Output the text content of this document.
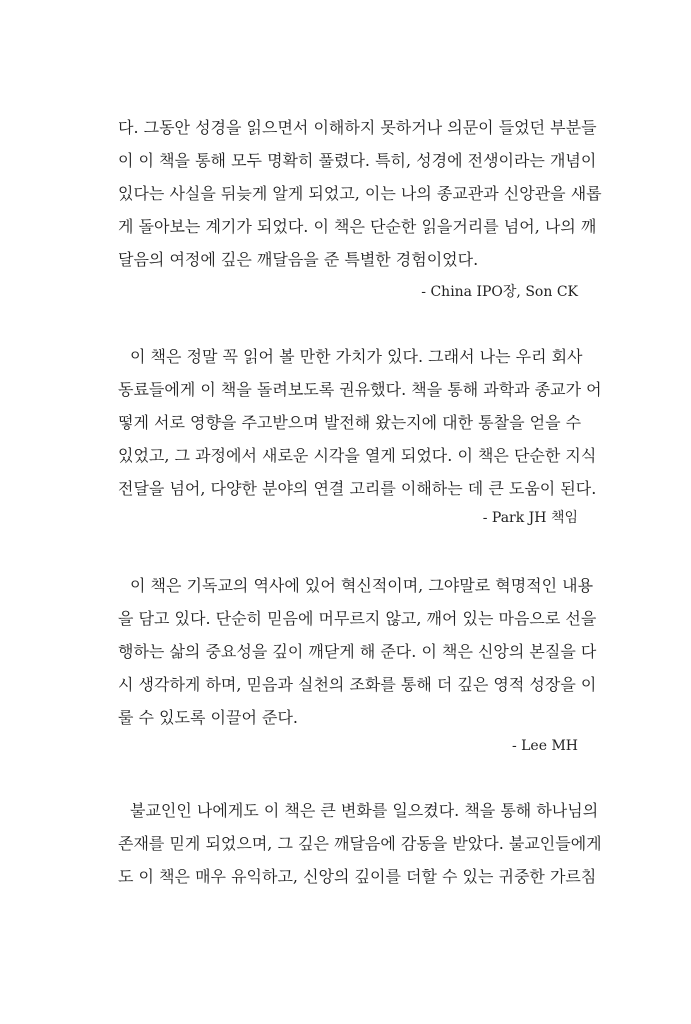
다. 그동안 성경을 읽으면서 이해하지 못하거나 의문이 들었던 부분들
이 이 책을 통해 모두 명확히 풀렸다. 특히, 성경에 전생이라는 개념이
있다는 사실을 뒤늦게 알게 되었고, 이는 나의 종교관과 신앙관을 새롭
게 돌아보는 계기가 되었다. 이 책은 단순한 읽을거리를 넘어, 나의 깨
달음의 여정에 깊은 깨달음을 준 특별한 경험이었다.
- China IPO장, Son CK
이 책은 정말 꼭 읽어 볼 만한 가치가 있다. 그래서 나는 우리 회사
동료들에게 이 책을 돌려보도록 권유했다. 책을 통해 과학과 종교가 어
떻게 서로 영향을 주고받으며 발전해 왔는지에 대한 통찰을 얻을 수
있었고, 그 과정에서 새로운 시각을 열게 되었다. 이 책은 단순한 지식
전달을 넘어, 다양한 분야의 연결 고리를 이해하는 데 큰 도움이 된다.
- Park JH 책임
이 책은 기독교의 역사에 있어 혁신적이며, 그야말로 혁명적인 내용
을 담고 있다. 단순히 믿음에 머무르지 않고, 깨어 있는 마음으로 선을
행하는 삶의 중요성을 깊이 깨닫게 해 준다. 이 책은 신앙의 본질을 다
시 생각하게 하며, 믿음과 실천의 조화를 통해 더 깊은 영적 성장을 이
룰 수 있도록 이끌어 준다.
- Lee MH
불교인인 나에게도 이 책은 큰 변화를 일으켰다. 책을 통해 하나님의
존재를 믿게 되었으며, 그 깊은 깨달음에 감동을 받았다. 불교인들에게
도 이 책은 매우 유익하고, 신앙의 깊이를 더할 수 있는 귀중한 가르침
